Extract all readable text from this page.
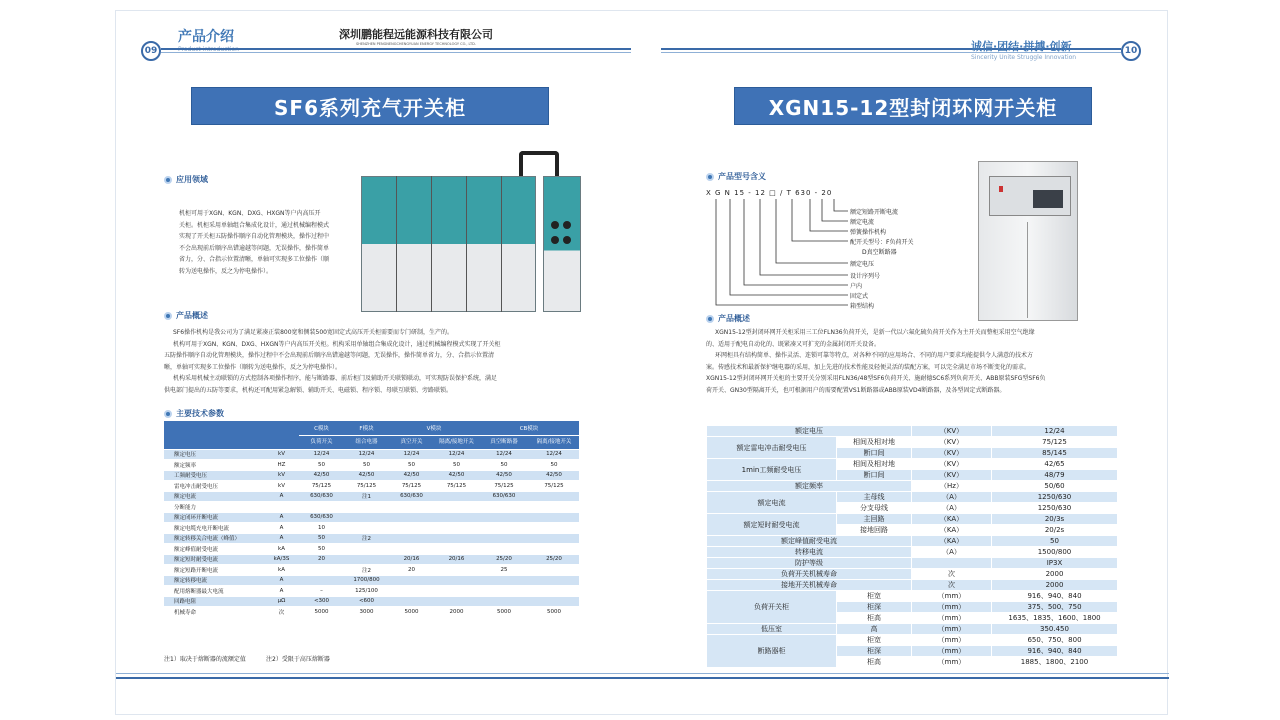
09
产品介绍	深圳鹏能程远能源科技有限公司
SHENZHEN PENGNENGCHENGYUAN ENERGY TECHNOLOGY CO., LTD.	诚信·团结·拼搏·创新
Sincerity Unite Struggle Innovation
10
SF6系列充气开关柜	XGN15-12型封闭环网开关柜
应用领域
机柜可用于XGN、KGN、DXG、HXGN等户内高压开
关柜。机柜采用单轴组合集成化设计，通过机械编程模式
实现了开关柜五防操作顺序自动化管理模块，操作过程中
不会出现前后顺序出错逾越等问题，无误操作，操作简单
省力，分、合指示位置清晰，单轴可实现多工位操作（顺
转为送电操作，反之为停电操作）。
产品概述

SF6操作机构是我公司为了满足紧凑正装800宽和侧装500宽固定式高压开关柜需要而专门研制，生产的。

机构可用于XGN、KGN、DXG、HXGN等户内高压开关柜。机构采用单轴组合集成化设计，通过机械编程模式实现了开关柜

五防操作顺序自动化管理模块，操作过程中不会出现前后顺序出错逾越等问题，无误操作，操作简单省力，分、合指示位置清
晰，单轴可实现多工位操作（顺转为送电操作，反之为停电操作）。

机构采用机械主动联锁的方式控制各项操作程序，能与断路器、前后柜门及辅助开关联锁联动，可实现防误保护系统，满足

供电部门提出的五防等要求，机构还可配用紧急解锁、辅助开关、电磁锁、程序锁、母联互联锁、旁路联锁。
主要技术参数
		C模块	F模块	V模块		CB模块	
		负荷开关	组合电器	真空开关	隔离/接地开关	真空断路器	隔离/接地开关
额定电压	kV	12/24	12/24	12/24	12/24	12/24	12/24
额定频率	HZ	50	50	50	50	50	50
工频耐受电压	kV	42/50	42/50	42/50	42/50	42/50	42/50
雷电冲击耐受电压	kV	75/125	75/125	75/125	75/125	75/125	75/125
额定电流	A	630/630	注1	630/630		630/630	
分断能力							
额定闭环开断电流	A	630/630					
额定电缆充电开断电流	A	10					
额定转移关合电流（峰值）	A	50	注2				
额定峰值耐受电流	kA	50					
额定短时耐受电流	kA/3S	20		20/16	20/16	25/20	25/20
额定短路开断电流	kA		注2	20		25	
额定转移电流	A		1700/800				
配用熔断器最大电流	A	–	125/100				
回路电阻	μΩ	<300	<600				
机械寿命	次	5000	3000	5000	2000	5000	5000
注1）取决于熔断器的流额定值	注2）受限于高压熔断器
产品型号含义
X G N 15 - 12 □ / T 630 - 20
额定短路开断电流
额定电流
弹簧操作机构
配开关型号：F负荷开关
D真空断路器
额定电压
设计序列号
户内
固定式
箱型结构
产品概述

XGN15-12型封闭环网开关柜采用三工位FLN36负荷开关，是新一代以六氟化硫负荷开关作为主开关而整柜采用空气绝缘

的、适用于配电自动化的、既紧凑又可扩充的金属封闭开关设备。

环网柜具有结构简单、操作灵活、连锁可靠等特点，对各种不同的应用场合、不同的用户要求均能提供令人满意的技术方

案。传感技术和最新保护继电器的采用，加上先进的技术性能及轻便灵活的装配方案，可以完全满足市场不断变化的需求。
XGN15-12型封闭环网开关柜的主要开关分别采用FLN36/48型SF6负荷开关、施耐德SC6系列负荷开关、ABB原装SFG型SF6负
荷开关、GN30型隔离开关，也可根据用户的需要配置VS1断路器或ABB原装VD4断路器，及各型固定式断路器。
额定电压		（KV）	12/24
额定雷电冲击耐受电压	相间及相对地	（KV）	75/125
	断口间	（KV）	85/145
1min工频耐受电压	相间及相对地	（KV）	42/65
	断口间	（KV）	48/79
额定频率		（Hz）	50/60
额定电流	主母线	（A）	1250/630
	分支母线	（A）	1250/630
额定短时耐受电流	主回路	（KA）	20/3s
	接地回路	（KA）	20/2s
额定峰值耐受电流		（KA）	50
转移电流		（A）	1500/800
防护等级			IP3X
负荷开关机械寿命		次	2000
接地开关机械寿命		次	2000
负荷开关柜	柜宽	（mm）	916、940、840
	柜深	（mm）	375、500、750
	柜高	（mm）	1635、1835、1600、1800
低压室	高	（mm）	350.450
断路器柜	柜宽	（mm）	650、750、800
	柜深	（mm）	916、940、840
	柜高	（mm）	1885、1800、2100
